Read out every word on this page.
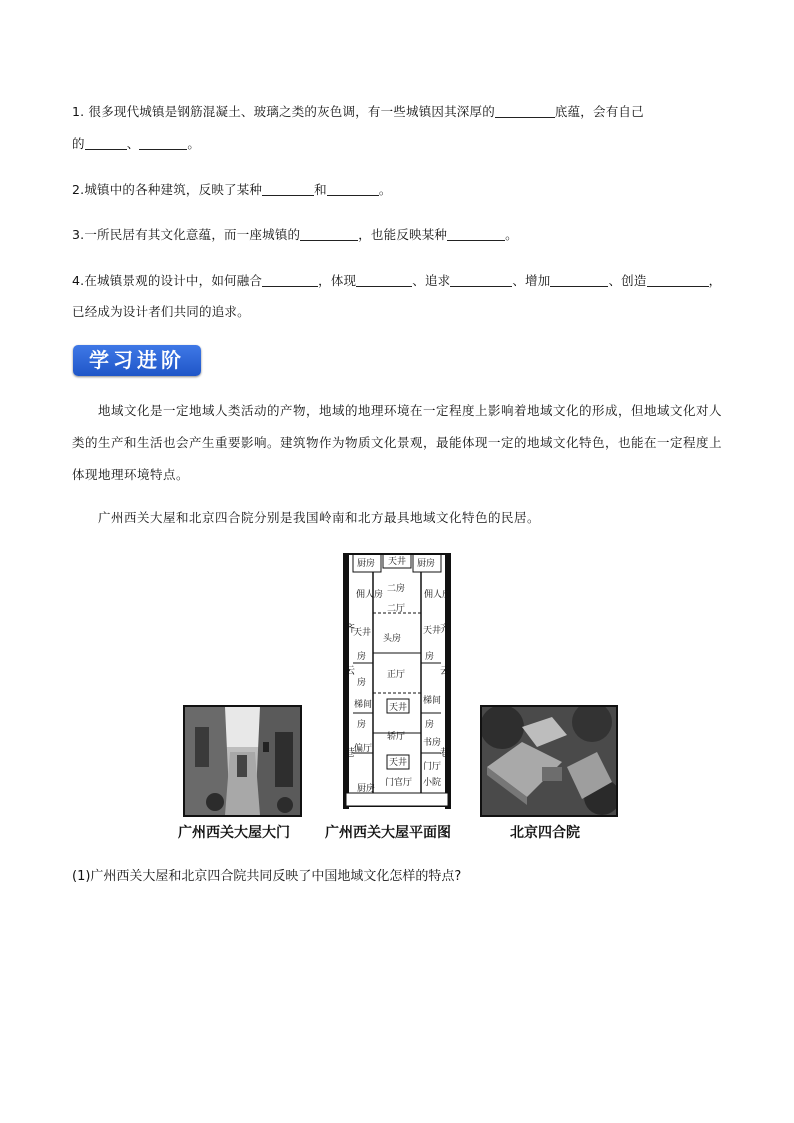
1. 很多现代城镇是钢筋混凝土、玻璃之类的灰色调，有一些城镇因其深厚的	底蕴，会有自己
的	、	。
2.城镇中的各种建筑，反映了某种	和	。
3.一所民居有其文化意蕴，而一座城镇的	，也能反映某种	。
4.在城镇景观的设计中，如何融合	，体现	、追求	、增加	、创造	，
已经成为设计者们共同的追求。
学习进阶
地域文化是一定地域人类活动的产物，地域的地理环境在一定程度上影响着地域文化的形成，但地域文化对人类的生产和生活也会产生重要影响。建筑物作为物质文化景观，最能体现一定的地域文化特色，也能在一定程度上体现地理环境特点。
广州西关大屋和北京四合院分别是我国岭南和北方最具地域文化特色的民居。
厨房 天井 厨房
佣人房
二房
佣人房
二厅
天井
头房
天井
房	房
正厅
房
梯间 天井
梯间
房	房
轿厅
偏厅
书房
天井 门厅
门官厅 小院
厨房
齐
云
巷
齐
云
巷
广州西关大屋大门	广州西关大屋平面图	北京四合院
(1)广州西关大屋和北京四合院共同反映了中国地域文化怎样的特点?
